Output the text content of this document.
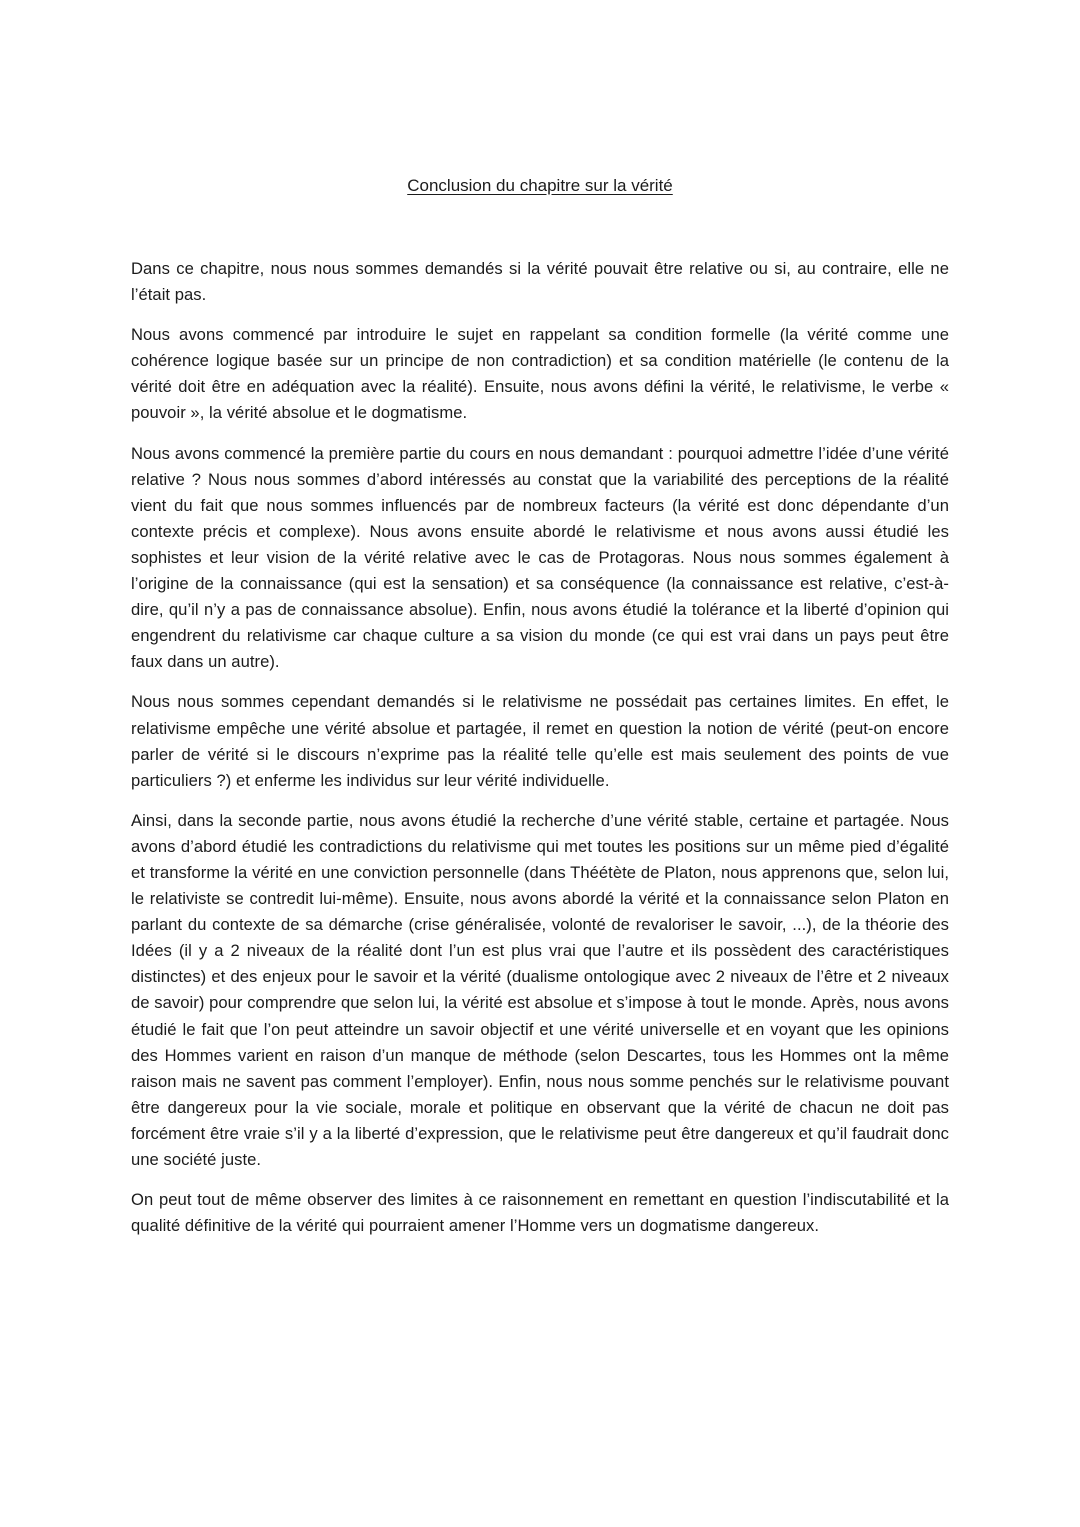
Conclusion du chapitre sur la vérité

Dans ce chapitre, nous nous sommes demandés si la vérité pouvait être relative ou si, au contraire, elle ne l’était pas.

Nous avons commencé par introduire le sujet en rappelant sa condition formelle (la vérité comme une cohérence logique basée sur un principe de non contradiction) et sa condition matérielle (le contenu de la vérité doit être en adéquation avec la réalité). Ensuite, nous avons défini la vérité, le relativisme, le verbe « pouvoir », la vérité absolue et le dogmatisme.

Nous avons commencé la première partie du cours en nous demandant : pourquoi admettre l’idée d’une vérité relative ? Nous nous sommes d’abord intéressés au constat que la variabilité des perceptions de la réalité vient du fait que nous sommes influencés par de nombreux facteurs (la vérité est donc dépendante d’un contexte précis et complexe). Nous avons ensuite abordé le relativisme et nous avons aussi étudié les sophistes et leur vision de la vérité relative avec le cas de Protagoras. Nous nous sommes également à l’origine de la connaissance (qui est la sensation) et sa conséquence (la connaissance est relative, c’est-à-dire, qu’il n’y a pas de connaissance absolue). Enfin, nous avons étudié la tolérance et la liberté d’opinion qui engendrent du relativisme car chaque culture a sa vision du monde (ce qui est vrai dans un pays peut être faux dans un autre).

Nous nous sommes cependant demandés si le relativisme ne possédait pas certaines limites. En effet, le relativisme empêche une vérité absolue et partagée, il remet en question la notion de vérité (peut-on encore parler de vérité si le discours n’exprime pas la réalité telle qu’elle est mais seulement des points de vue particuliers ?) et enferme les individus sur leur vérité individuelle.

Ainsi, dans la seconde partie, nous avons étudié la recherche d’une vérité stable, certaine et partagée. Nous avons d’abord étudié les contradictions du relativisme qui met toutes les positions sur un même pied d’égalité et transforme la vérité en une conviction personnelle (dans Théétète de Platon, nous apprenons que, selon lui, le relativiste se contredit lui-même). Ensuite, nous avons abordé la vérité et la connaissance selon Platon en parlant du contexte de sa démarche (crise généralisée, volonté de revaloriser le savoir, ...), de la théorie des Idées (il y a 2 niveaux de la réalité dont l’un est plus vrai que l’autre et ils possèdent des caractéristiques distinctes) et des enjeux pour le savoir et la vérité (dualisme ontologique avec 2 niveaux de l’être et 2 niveaux de savoir) pour comprendre que selon lui, la vérité est absolue et s’impose à tout le monde. Après, nous avons étudié le fait que l’on peut atteindre un savoir objectif et une vérité universelle et en voyant que les opinions des Hommes varient en raison d’un manque de méthode (selon Descartes, tous les Hommes ont la même raison mais ne savent pas comment l’employer). Enfin, nous nous somme penchés sur le relativisme pouvant être dangereux pour la vie sociale, morale et politique en observant que la vérité de chacun ne doit pas forcément être vraie s’il y a la liberté d’expression, que le relativisme peut être dangereux et qu’il faudrait donc une société juste.

On peut tout de même observer des limites à ce raisonnement en remettant en question l’indiscutabilité et la qualité définitive de la vérité qui pourraient amener l’Homme vers un dogmatisme dangereux.
